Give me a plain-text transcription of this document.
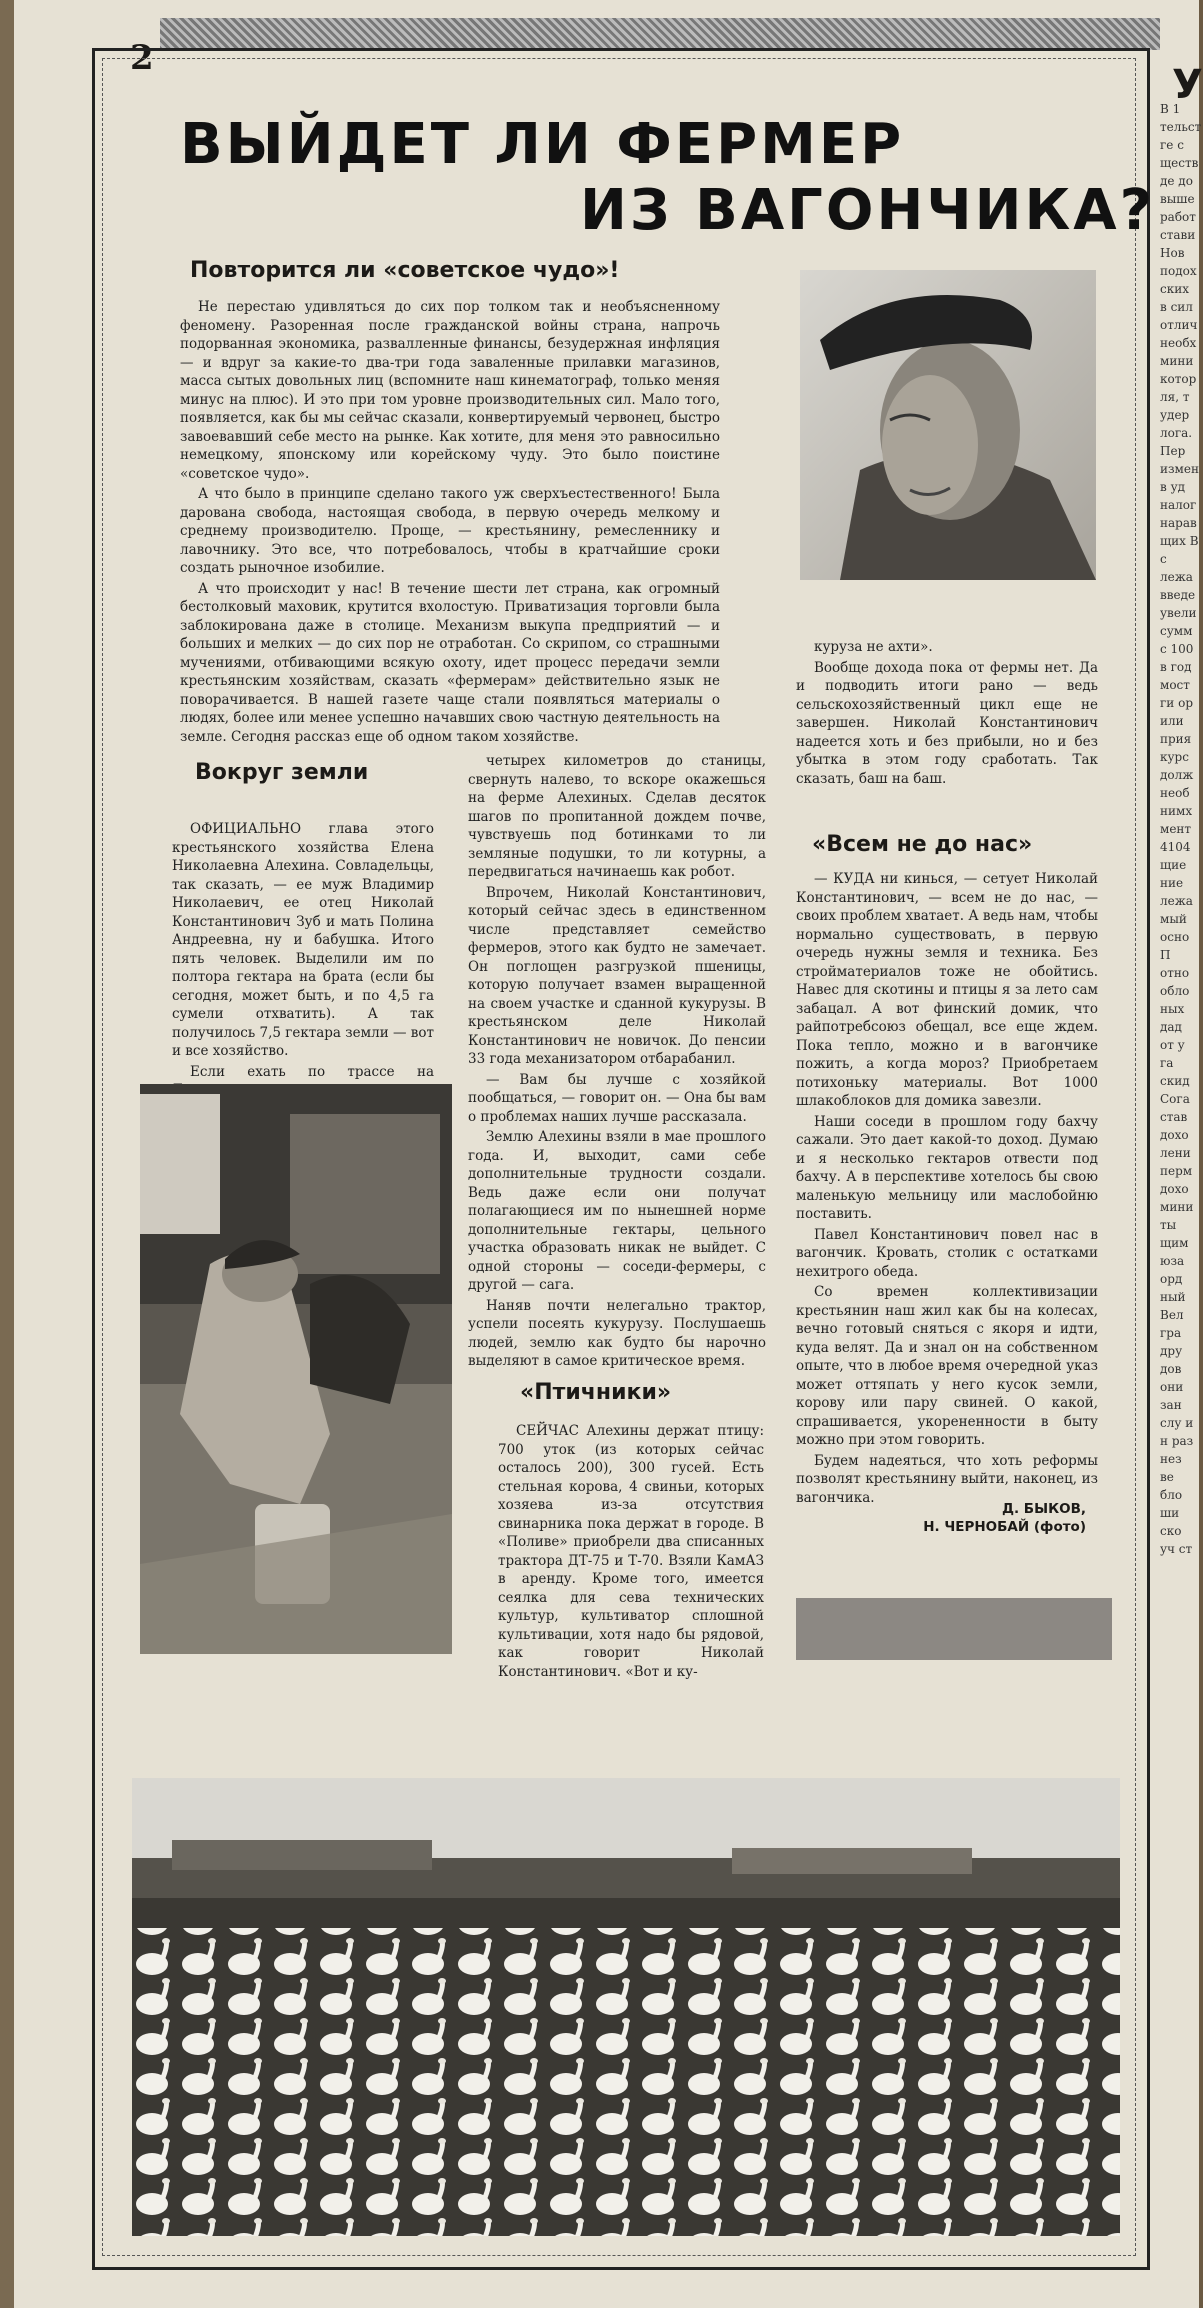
2
ВЫЙДЕТ ЛИ ФЕРМЕР
ИЗ ВАГОНЧИКА?
Повторится ли «советское чудо»!

Не перестаю удивляться до сих пор толком так и необъясненному феномену. Разоренная после гражданской войны страна, напрочь подорванная экономика, развалленные финансы, безудержная инфляция — и вдруг за какие-то два-три года заваленные прилавки магазинов, масса сытых довольных лиц (вспомните наш кинематограф, только меняя минус на плюс). И это при том уровне производительных сил. Мало того, появляется, как бы мы сейчас сказали, конвертируемый червонец, быстро завоевавший себе место на рынке. Как хотите, для меня это равносильно немецкому, японскому или корейскому чуду. Это было поистине «советское чудо».

А что было в принципе сделано такого уж сверхъестественного! Была дарована свобода, настоящая свобода, в первую очередь мелкому и среднему производителю. Проще, — крестьянину, ремесленнику и лавочнику. Это все, что потребовалось, чтобы в кратчайшие сроки создать рыночное изобилие.

А что происходит у нас! В течение шести лет страна, как огромный бестолковый маховик, крутится вхолостую. Приватизация торговли была заблокирована даже в столице. Механизм выкупа предприятий — и больших и мелких — до сих пор не отработан. Со скрипом, со страшными мучениями, отбивающими всякую охоту, идет процесс передачи земли крестьянским хозяйствам, сказать «фермерам» действительно язык не поворачивается. В нашей газете чаще стали появляться материалы о людях, более или менее успешно начавших свою частную деятельность на земле. Сегодня рассказ еще об одном таком хозяйстве.

Вокруг земли

ОФИЦИАЛЬНО глава этого крестьянского хозяйства Елена Николаевна Алехина. Совладельцы, так сказать, — ее муж Владимир Николаевич, ее отец Николай Константинович Зуб и мать Полина Андреевна, ну и бабушка. Итого пять человек. Выделили им по полтора гектара на брата (если бы сегодня, может быть, и по 4,5 га сумели отхватить). А так получилось 7,5 гектара земли — вот и все хозяйство.

Если ехать по трассе на

четырех километров до станицы, свернуть налево, то вскоре окажешься на ферме Алехиных. Сделав десяток шагов по пропитанной дождем почве, чувствуешь под ботинками то ли земляные подушки, то ли котурны, а передвигаться начинаешь как робот.

Впрочем, Николай Константинович, который сейчас здесь в единственном числе представляет семейство фермеров, этого как будто не замечает. Он поглощен разгрузкой пшеницы, которую получает взамен выращенной на своем участке и сданной кукурузы. В крестьянском деле Николай Константинович не новичок. До пенсии 33 года механизатором отбарабанил.

— Вам бы лучше с хозяйкой пообщаться, — говорит он. — Она бы вам о проблемах наших лучше рассказала.

Землю Алехины взяли в мае прошлого года. И, выходит, сами себе дополнительные трудности создали. Ведь даже если они получат полагающиеся им по нынешней норме дополнительные гектары, цельного участка образовать никак не выйдет. С одной стороны — соседи-фермеры, с другой — сага.

Наняв почти нелегально трактор, успели посеять кукурузу. Послушаешь людей, землю как будто бы нарочно выделяют в самое критическое время.

«Птичники»

СЕЙЧАС Алехины держат птицу: 700 уток (из которых сейчас осталось 200), 300 гусей. Есть стельная корова, 4 свиньи, которых хозяева из-за отсутствия свинарника пока держат в городе. В «Поливе» приобрели два списанных трактора ДТ-75 и Т-70. Взяли КамАЗ в аренду. Кроме того, имеется сеялка для сева технических культур, культиватор сплошной культивации, хотя надо бы рядовой, как говорит Николай Константинович. «Вот и ку-

куруза не ахти».

Вообще дохода пока от фермы нет. Да и подводить итоги рано — ведь сельскохозяйственный цикл еще не завершен. Николай Константинович надеется хоть и без прибыли, но и без убытка в этом году сработать. Так сказать, баш на баш.

«Всем не до нас»

— КУДА ни кинься, — сетует Николай Константинович, — всем не до нас, — своих проблем хватает. А ведь нам, чтобы нормально существовать, в первую очередь нужны земля и техника. Без стройматериалов тоже не обойтись. Навес для скотины и птицы я за лето сам забацал. А вот финский домик, что райпотребсоюз обещал, все еще ждем. Пока тепло, можно и в вагончике пожить, а когда мороз? Приобретаем потихоньку материалы. Вот 1000 шлакоблоков для домика завезли.

Наши соседи в прошлом году бахчу сажали. Это дает какой-то доход. Думаю и я несколько гектаров отвести под бахчу. А в перспективе хотелось бы свою маленькую мельницу или маслобойню поставить.

Павел Константинович повел нас в вагончик. Кровать, столик с остатками нехитрого обеда.

Со времен коллективизации крестьянин наш жил как бы на колесах, вечно готовый сняться с якоря и идти, куда велят. Да и знал он на собственном опыте, что в любое время очередной указ может оттяпать у него кусок земли, корову или пару свиней. О какой, спрашивается, укорененности в быту можно при этом говорить.

Будем надеяться, что хоть реформы позволят крестьянину выйти, наконец, из вагончика.

Д. БЫКОВ,
Н. ЧЕРНОБАЙ (фото)
У
В 1 тельст ге с ществ де до выше работ стави Нов подох ских в сил отлич необх мини котор ля, т удер лога. Пер измен в уд налог нарав щих В с лежа введе увели сумм с 100 в год мост ги ор или прия курс долж необ нимх мент 4104 щие ние лежа мый осно П отно обло ных дад от у га скид Сога став дохо лени перм дохо мини ты щим юза орд ный Вел гра дру дов они зан слу и н раз нез ве бло ши ско уч ст
